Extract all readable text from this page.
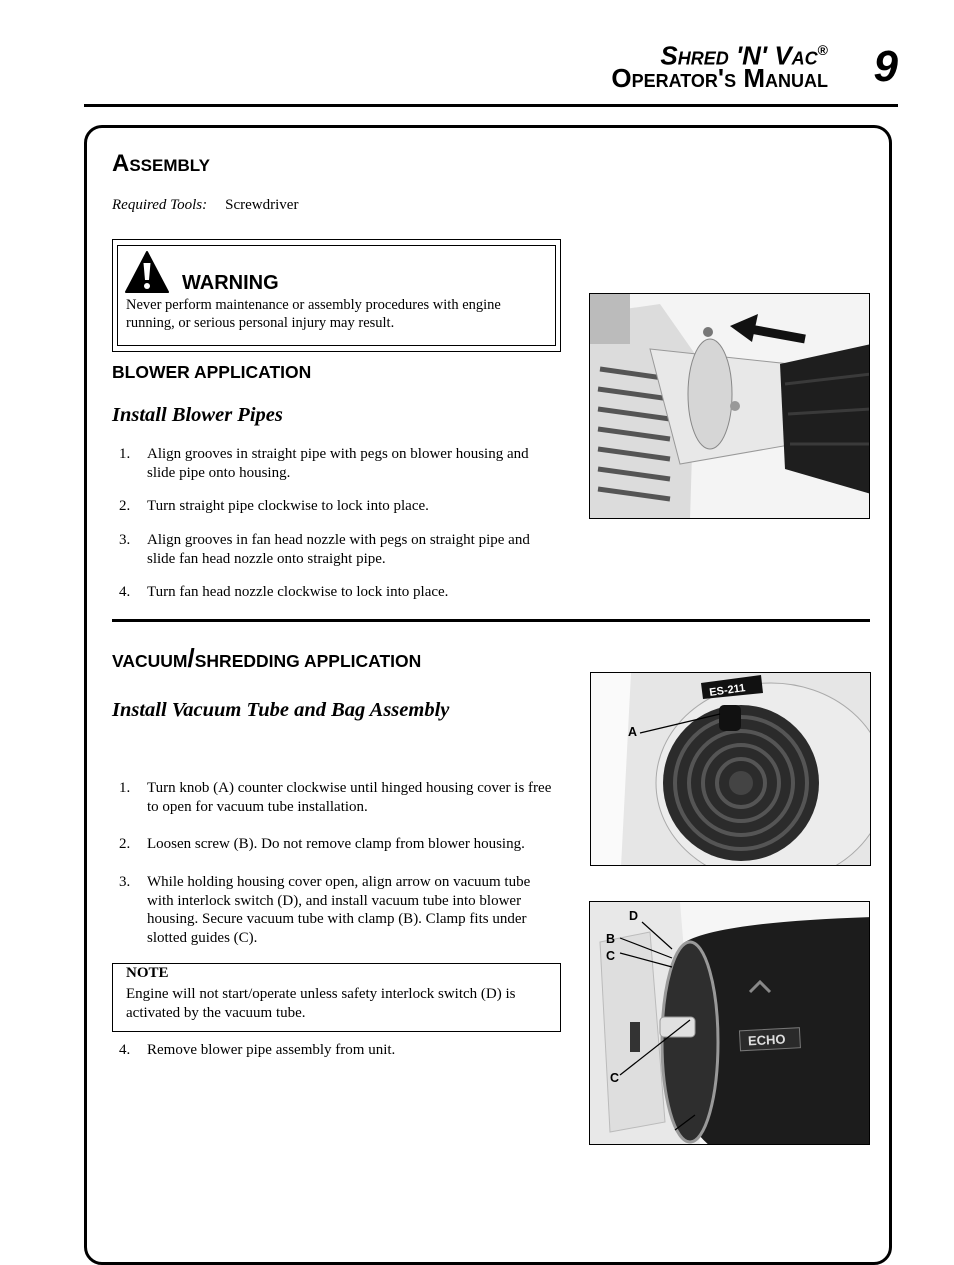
Shred 'N' Vac®
Operator's Manual 9
Assembly
Required Tools: Screwdriver
WARNING
Never perform maintenance or assembly procedures with engine running, or serious personal injury may result.
BLOWER APPLICATION
Install Blower Pipes
1. Align grooves in straight pipe with pegs on blower housing and slide pipe onto housing.
2. Turn straight pipe clockwise to lock into place.
3. Align grooves in fan head nozzle with pegs on straight pipe and slide fan head nozzle onto straight pipe.
4. Turn fan head nozzle clockwise to lock into place.
VACUUM/SHREDDING APPLICATION
Install Vacuum Tube and Bag Assembly
1. Turn knob (A) counter clockwise until hinged housing cover is free to open for vacuum tube installation.
2. Loosen screw (B). Do not remove clamp from blower housing.
3. While holding housing cover open, align arrow on vacuum tube with interlock switch (D), and install vacuum tube into blower housing. Secure vacuum tube with clamp (B). Clamp fits under slotted guides (C).
NOTE
Engine will not start/operate unless safety interlock switch (D) is activated by the vacuum tube.
4. Remove blower pipe assembly from unit.
ES-211
A
ECHO
D
B
C
C
